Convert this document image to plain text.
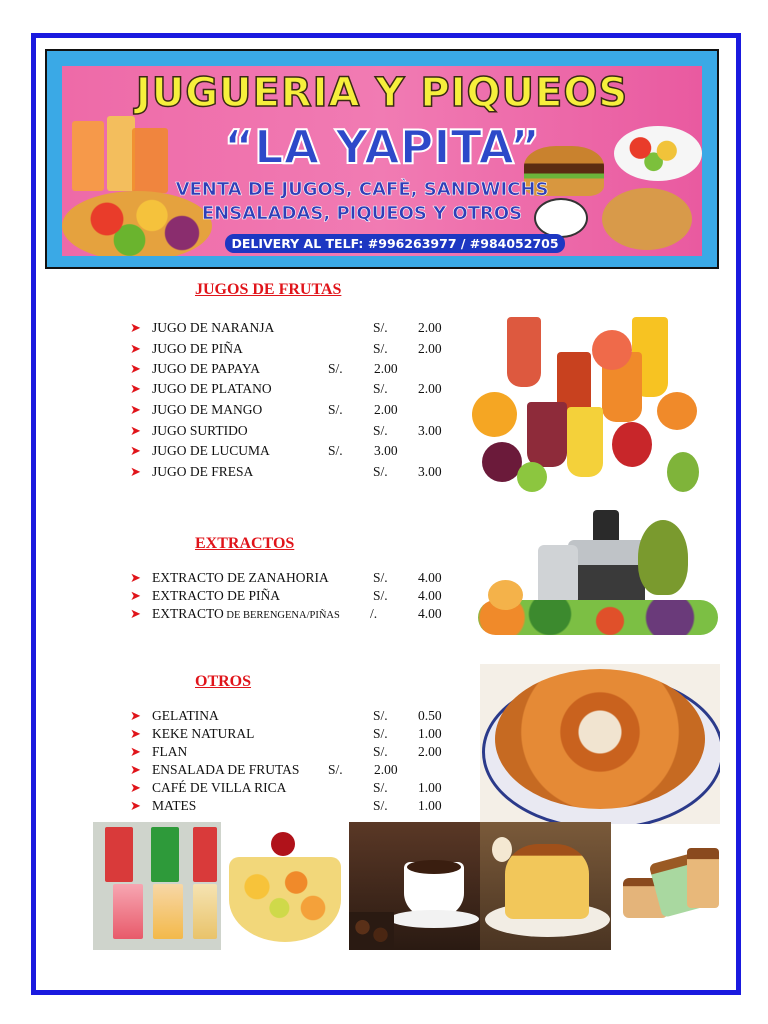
JUGUERIA Y PIQUEOS
“LA YAPITA”
VENTA DE JUGOS, CAFÈ, SANDWICHS
ENSALADAS, PIQUEOS Y OTROS
DELIVERY AL TELF: #996263977 / #984052705
JUGOS DE FRUTAS
➤ JUGO DE NARANJA	S/. 2.00
➤ JUGO DE PIÑA	S/. 2.00
➤ JUGO DE PAPAYA	S/. 2.00
➤ JUGO DE PLATANO	S/. 2.00
➤ JUGO DE MANGO	S/. 2.00
➤ JUGO SURTIDO	S/. 3.00
➤ JUGO DE LUCUMA	S/. 3.00
➤ JUGO DE FRESA	S/. 3.00
EXTRACTOS
➤ EXTRACTO DE ZANAHORIA	S/. 4.00
➤ EXTRACTO DE PIÑA	S/. 4.00
➤ EXTRACTO DE BERENGENA/PIÑAS /.	4.00
OTROS
➤ GELATINA	S/. 0.50
➤ KEKE NATURAL	S/. 1.00
➤ FLAN	S/. 2.00
➤ ENSALADA DE FRUTAS S/. 2.00
➤ CAFÉ DE VILLA RICA	S/. 1.00
➤ MATES	S/. 1.00
